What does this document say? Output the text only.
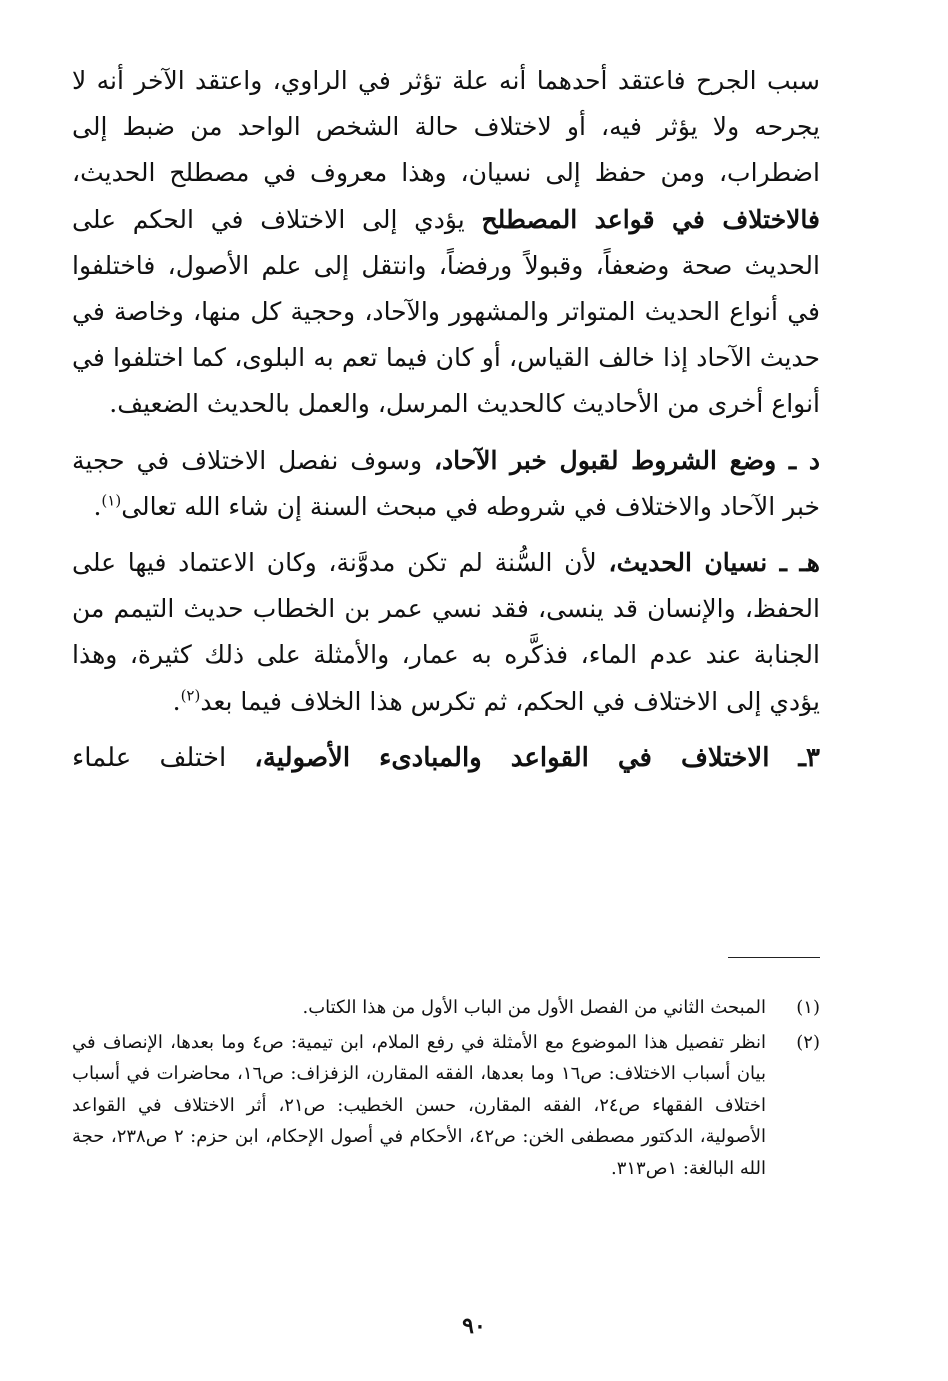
سبب الجرح فاعتقد أحدهما أنه علة تؤثر في الراوي، واعتقد الآخر أنه لا يجرحه ولا يؤثر فيه، أو لاختلاف حالة الشخص الواحد من ضبط إلى اضطراب، ومن حفظ إلى نسيان، وهذا معروف في مصطلح الحديث، فالاختلاف في قواعد المصطلح يؤدي إلى الاختلاف في الحكم على الحديث صحة وضعفاً، وقبولاً ورفضاً، وانتقل إلى علم الأصول، فاختلفوا في أنواع الحديث المتواتر والمشهور والآحاد، وحجية كل منها، وخاصة في حديث الآحاد إذا خالف القياس، أو كان فيما تعم به البلوى، كما اختلفوا في أنواع أخرى من الأحاديث كالحديث المرسل، والعمل بالحديث الضعيف.

د ـ وضع الشروط لقبول خبر الآحاد، وسوف نفصل الاختلاف في حجية خبر الآحاد والاختلاف في شروطه في مبحث السنة إن شاء الله تعالى$^{(١)}$.

هـ ـ نسيان الحديث، لأن السُّنة لم تكن مدوَّنة، وكان الاعتماد فيها على الحفظ، والإنسان قد ينسى، فقد نسي عمر بن الخطاب حديث التيمم من الجنابة عند عدم الماء، فذكَّره به عمار، والأمثلة على ذلك كثيرة، وهذا يؤدي إلى الاختلاف في الحكم، ثم تكرس هذا الخلاف فيما بعد$^{(٢)}$.

٣ـ الاختلاف في القواعد والمبادىء الأصولية، اختلف علماء

(١)
المبحث الثاني من الفصل الأول من الباب الأول من هذا الكتاب.
(٢)
انظر تفصيل هذا الموضوع مع الأمثلة في رفع الملام، ابن تيمية: ص٤ وما بعدها، الإنصاف في بيان أسباب الاختلاف: ص١٦ وما بعدها، الفقه المقارن، الزفزاف: ص١٦، محاضرات في أسباب اختلاف الفقهاء ص٢٤، الفقه المقارن، حسن الخطيب: ص٢١، أثر الاختلاف في القواعد الأصولية، الدكتور مصطفى الخن: ص٤٢، الأحكام في أصول الإحكام، ابن حزم: ٢ ص٢٣٨، حجة الله البالغة: ١ص٣١٣.
٩٠
